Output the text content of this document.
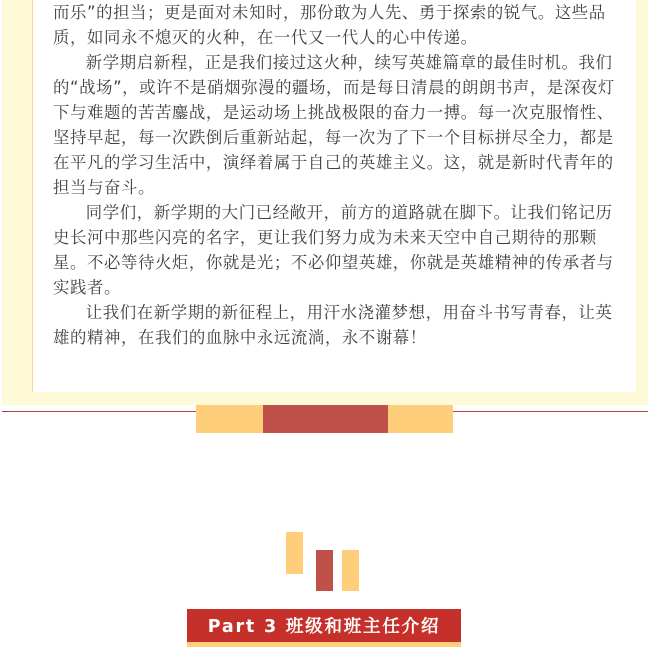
而乐”的担当；更是面对未知时，那份敢为人先、勇于探索的锐气。这些品质，如同永不熄灭的火种，在一代又一代人的心中传递。

新学期启新程，正是我们接过这火种，续写英雄篇章的最佳时机。我们的“战场”，或许不是硝烟弥漫的疆场，而是每日清晨的朗朗书声，是深夜灯下与难题的苦苦鏖战，是运动场上挑战极限的奋力一搏。每一次克服惰性、坚持早起，每一次跌倒后重新站起，每一次为了下一个目标拼尽全力，都是在平凡的学习生活中，演绎着属于自己的英雄主义。这，就是新时代青年的担当与奋斗。

同学们，新学期的大门已经敞开，前方的道路就在脚下。让我们铭记历史长河中那些闪亮的名字，更让我们努力成为未来天空中自己期待的那颗星。不必等待火炬，你就是光；不必仰望英雄，你就是英雄精神的传承者与实践者。

让我们在新学期的新征程上，用汗水浇灌梦想，用奋斗书写青春，让英雄的精神，在我们的血脉中永远流淌，永不谢幕！

Part 3 班级和班主任介绍
